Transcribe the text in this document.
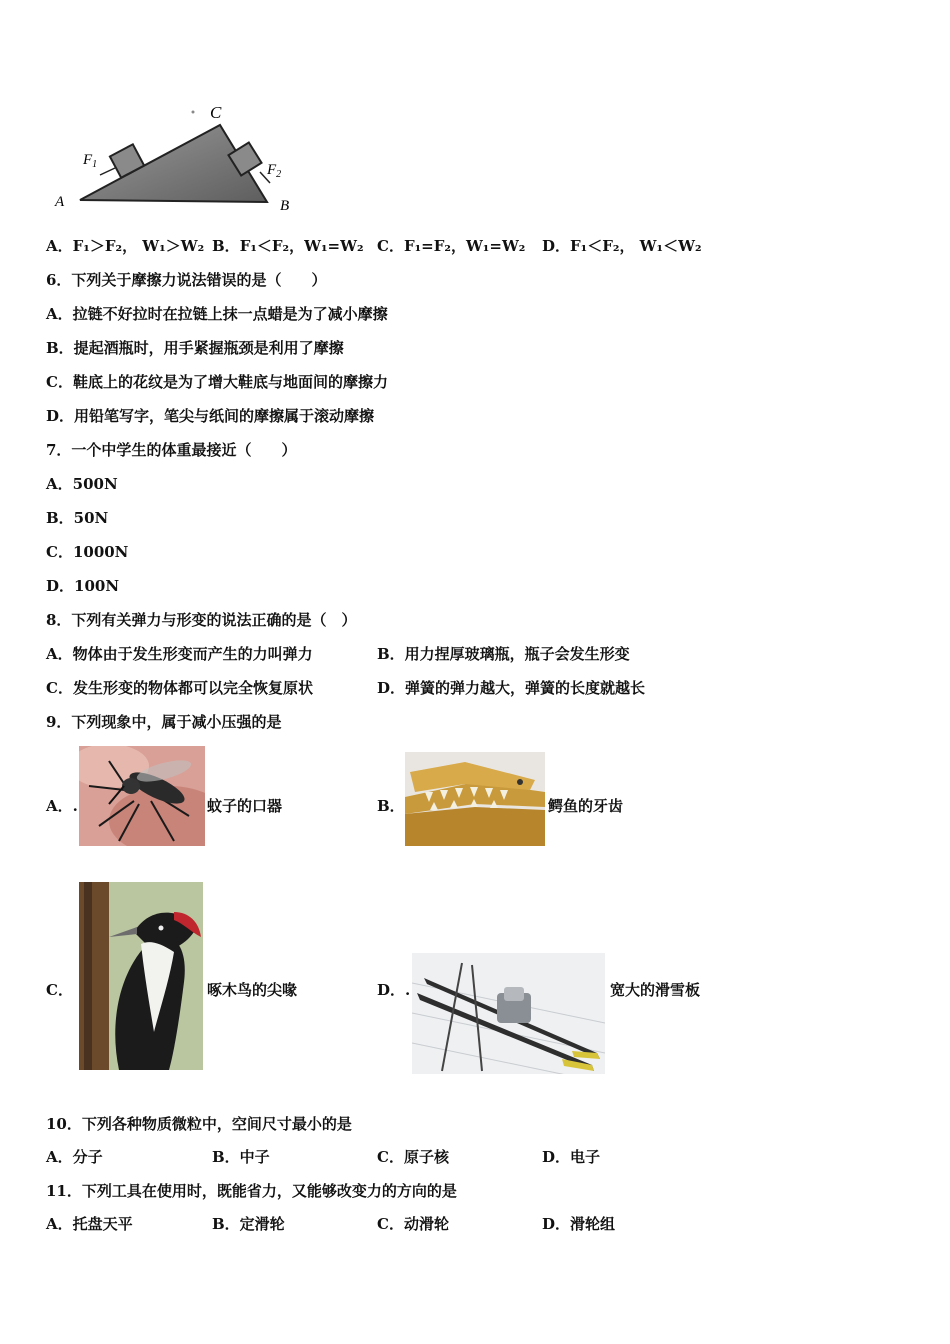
A	B
C
$F_1$	$F_2$
A．F₁＞F₂， W₁＞W₂ B．F₁＜F₂，W₁=W₂ C．F₁=F₂，W₁=W₂ D．F₁＜F₂， W₁＜W₂
6．下列关于摩擦力说法错误的是（　　）
A．拉链不好拉时在拉链上抹一点蜡是为了减小摩擦
B．提起酒瓶时，用手紧握瓶颈是利用了摩擦
C．鞋底上的花纹是为了增大鞋底与地面间的摩擦力
D．用铅笔写字，笔尖与纸间的摩擦属于滚动摩擦
7．一个中学生的体重最接近（　　）
A．500N
B．50N
C．1000N
D．100N
8．下列有关弹力与形变的说法正确的是（　）
A．物体由于发生形变而产生的力叫弹力	B．用力捏厚玻璃瓶，瓶子会发生形变
C．发生形变的物体都可以完全恢复原状	D．弹簧的弹力越大，弹簧的长度就越长
9．下列现象中，属于减小压强的是
A．.	蚊子的口器	B．	鳄鱼的牙齿
C．	啄木鸟的尖喙	D．.	宽大的滑雪板
10．下列各种物质微粒中，空间尺寸最小的是
A．分子	B．中子	C．原子核	D．电子
11．下列工具在使用时，既能省力，又能够改变力的方向的是
A．托盘天平	B．定滑轮	C．动滑轮	D．滑轮组
